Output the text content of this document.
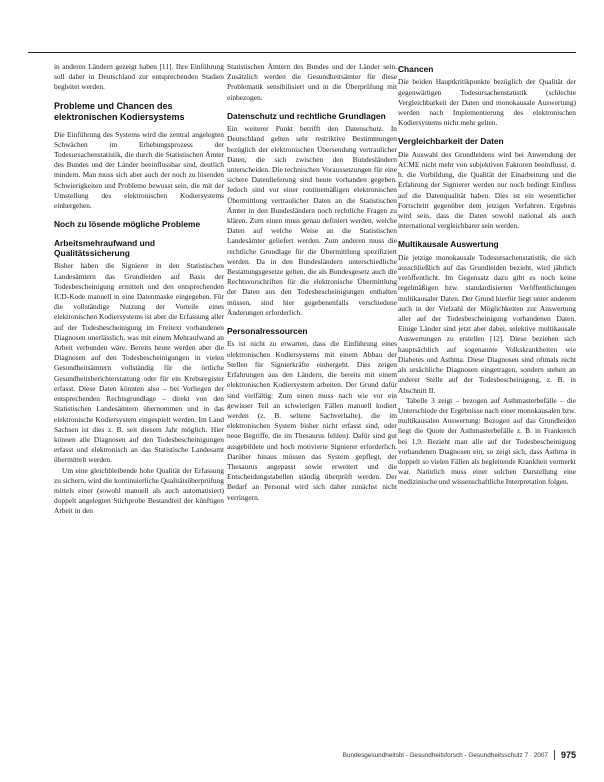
in anderen Ländern gezeigt haben [11]. Ihre Einführung soll daher in Deutschland zur entsprechenden Stadien begleitet werden.

Probleme und Chancen des elektronischen Kodiersystems

Die Einführung des Systems wird die zentral angelegten Schwächen im Erhebungsprozess der Todesursachenstatistik, die durch die Statistischen Ämter des Bundes und der Länder beeinflussbar sind, deutlich mindern. Man muss sich aber auch der noch zu lösenden Schwierigkeiten und Probleme bewusst sein, die mit der Umstellung des elektronischen Kodiersystems einhergehen.

Noch zu lösende mögliche Probleme
Arbeitsmehraufwand und Qualitätssicherung

Bisher haben die Signierer in den Statistischen Landesämtern das Grundleiden auf Basis der Todesbescheinigung ermittelt und den entsprechenden ICD-Kode manuell in eine Datenmaske eingegeben. Für die vollständige Nutzung der Vorteile eines elektronischen Kodiersystems ist aber die Erfassung aller auf der Todesbescheinigung im Freitext vorhandenen Diagnosen unerlässlich, was mit einem Mehraufwand an Arbeit verbunden wäre. Bereits heute werden aber die Diagnosen auf den Todesbescheinigungen in vielen Gesundheitsämtern vollständig für die örtliche Gesundheitsberichterstattung oder für ein Krebsregister erfasst. Diese Daten könnten also – bei Vorliegen der entsprechenden Rechtsgrundlage – direkt von den Statistischen Landesämtern übernommen und in das elektronische Kodiersystem eingespielt werden. Im Land Sachsen ist dies z. B. seit diesem Jahr möglich. Hier können alle Diagnosen auf den Todesbescheinigungen erfasst und elektronisch an das Statistische Landesamt übermittelt werden.

Um eine gleichbleibende hohe Qualität der Erfassung zu sichern, wird die kontinuierliche Qualitätsüberprüfung mittels einer (sowohl manuell als auch automatisiert) doppelt angelegten Stichprobe Bestandteil der künftigen Arbeit in den

Statistischen Ämtern des Bundes und der Länder sein. Zusätzlich werden die Gesundheitsämter für diese Problematik sensibilisiert und in die Überprüfung mit einbezogen.

Datenschutz und rechtliche Grundlagen

Ein weiterer Punkt betrifft den Datenschutz. In Deutschland gelten sehr restriktive Bestimmungen bezüglich der elektronischen Übersendung vertraulicher Daten, die sich zwischen den Bundesländern unterscheiden. Die technischen Voraussetzungen für eine sichere Datenlieferung sind heute vorhanden gegeben. Jedoch sind vor einer routinemäßigen elektronischen Übermittlung vertraulicher Daten an die Statistischen Ämter in den Bundesländern noch rechtliche Fragen zu klären. Zum einen muss genau definiert werden, welche Daten auf welche Weise an die Statistischen Landesämter geliefert werden. Zum anderen muss die rechtliche Grundlage für die Übermittlung spezifiziert werden. Da in den Bundesländern unterschiedliche Bestattungsgesetze gelten, die als Bundesgesetz auch die Rechtsvorschriften für die elektronische Übermittlung der Daten aus den Todesbescheinigungen enthalten müssen, sind hier gegebenenfalls verschiedene Änderungen erforderlich.

Personalressourcen

Es ist nicht zu erwarten, dass die Einführung eines elektronischen Kodiersystems mit einem Abbau der Stellen für Signierkräfte einhergeht. Dies zeigen Erfahrungen aus den Ländern, die bereits mit einem elektronischen Kodiersystem arbeiten. Der Grund dafür sind vielfältig: Zum einen muss nach wie vor ein gewisser Teil an schwierigen Fällen manuell kodiert werden (z. B. seltene Sachverhalte), die im elektronischen System bisher nicht erfasst sind, oder neue Begriffe, die im Thesaurus fehlen). Dafür sind gut ausgebildete und hoch motivierte Signierer erforderlich. Darüber hinaus müssen das System gepflegt, der Thesaurus angepasst sowie erweitert und die Entscheidungstabellen ständig überprüft werden. Der Bedarf an Personal wird sich daher zunächst nicht verringern.

Chancen

Die beiden Hauptkritikpunkte bezüglich der Qualität der gegenwärtigen Todesursachenstatistik (schlechte Vergleichbarkeit der Daten und monokausale Auswertung) werden nach Implementierung des elektronischen Kodiersystems nicht mehr gelten.

Vergleichbarkeit der Daten

Die Auswahl des Grundleidens wird bei Anwendung der ACME nicht mehr von subjektiven Faktoren beeinflusst, d. h. die Vorbildung, die Qualität der Einarbeitung und die Erfahrung der Signierer werden nur noch bedingt Einfluss auf die Datenqualität haben. Dies ist ein wesentlicher Fortschritt gegenüber dem jetzigen Verfahren. Ergebnis wird sein, dass die Daten sowohl national als auch international vergleichbarer sein werden.

Multikausale Auswertung

Die jetzige monokausale Todesursachenstatistik, die sich ausschließlich auf das Grundleiden bezieht, wird jährlich veröffentlicht. Im Gegensatz dazu gibt es noch keine regelmäßigen bzw. standardisierten Veröffentlichungen multikausaler Daten. Der Grund hierfür liegt unter anderem auch in der Vielzahl der Möglichkeiten zur Auswertung aller auf der Todesbescheinigung vorhandenen Daten. Einige Länder sind jetzt aber dabei, selektive multikausale Auswertungen zu erstellen [12]. Diese beziehen sich hauptsächlich auf sogenannte Volkskrankheiten wie Diabetes und Asthma. Diese Diagnosen sind oftmals nicht als ursächliche Diagnosen eingetragen, sondern stehen an anderer Stelle auf der Todesbescheinigung, z. B. in Abschnitt II.

Tabelle 3 zeigt – bezogen auf Asthmasterbefälle – die Unterschiede der Ergebnisse nach einer monokausalen bzw. multikausalen Auswertung: Bezogen auf das Grundleiden liegt die Quote der Asthmasterbefälle z. B. in Frankreich bei 1,9. Bezieht man alle auf der Todesbescheinigung vorhandenen Diagnosen ein, so zeigt sich, dass Asthma in doppelt so vielen Fällen als begleitende Krankheit vermerkt war. Natürlich muss einer solchen Darstellung eine medizinische und wissenschaftliche Interpretation folgen.

Bundesgesundheitsbl - Gesundheitsforsch - Gesundheitsschutz 7 · 2007 975
